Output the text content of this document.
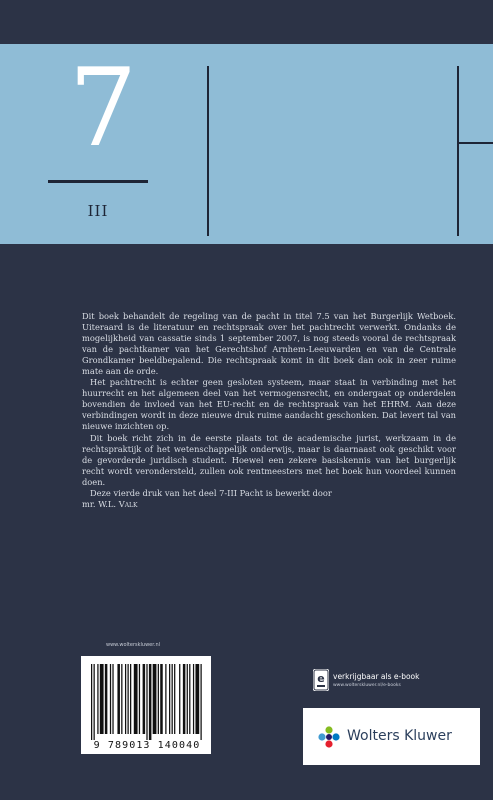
7
III

Dit boek behandelt de regeling van de pacht in titel 7.5 van het Burgerlijk Wetboek. Uiteraard is de literatuur en rechtspraak over het pachtrecht verwerkt. Ondanks de mogelijkheid van cassatie sinds 1 september 2007, is nog steeds vooral de rechtspraak van de pachtkamer van het Gerechtshof Arnhem-Leeuwarden en van de Centrale Grondkamer beeldbepalend. Die rechtspraak komt in dit boek dan ook in zeer ruime mate aan de orde.

Het pachtrecht is echter geen gesloten systeem, maar staat in verbinding met het huurrecht en het algemeen deel van het vermogensrecht, en ondergaat op onderdelen bovendien de invloed van het EU-recht en de rechtspraak van het EHRM. Aan deze verbindingen wordt in deze nieuwe druk ruime aandacht geschonken. Dat levert tal van nieuwe inzichten op.

Dit boek richt zich in de eerste plaats tot de academische jurist, werkzaam in de rechtspraktijk of het wetenschappelijk onderwijs, maar is daarnaast ook geschikt voor de gevorderde juridisch student. Hoewel een zekere basiskennis van het burgerlijk recht wordt verondersteld, zullen ook rentmeesters met het boek hun voordeel kunnen doen.

Deze vierde druk van het deel 7-III Pacht is bewerkt door

mr. W.L. Valk

www.wolterskluwer.nl
9 789013 140040
e verkrijgbaar als e-book
www.wolterskluwer.nl/e-books
Wolters Kluwer
